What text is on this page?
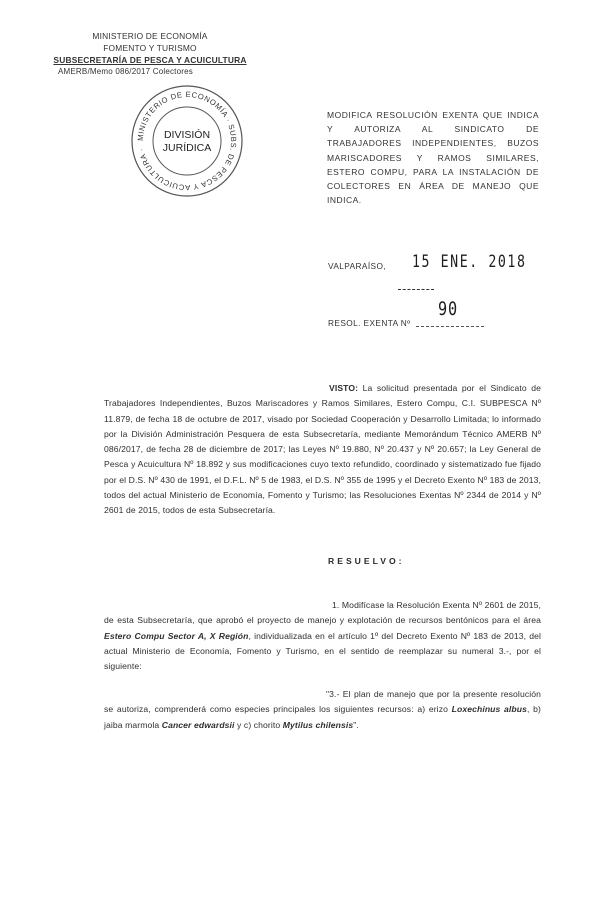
MINISTERIO DE ECONOMÍA
FOMENTO Y TURISMO
SUBSECRETARÍA DE PESCA Y ACUICULTURA
AMERB/Memo 086/2017 Colectores
MINISTERIO DE ECONOMÍA · SUBS. DE PESCA Y ACUICULTURA ·
DIVISIÓN
JURÍDICA
MODIFICA RESOLUCIÓN EXENTA QUE INDICA Y AUTORIZA AL SINDICATO DE TRABAJADORES INDEPENDIENTES, BUZOS MARISCADORES Y RAMOS SIMILARES, ESTERO COMPU, PARA LA INSTALACIÓN DE COLECTORES EN ÁREA DE MANEJO QUE INDICA.
VALPARAÍSO, 15 ENE. 2018
90
RESOL. EXENTA Nº
VISTO: La solicitud presentada por el Sindicato de Trabajadores Independientes, Buzos Mariscadores y Ramos Similares, Estero Compu, C.I. SUBPESCA Nº 11.879, de fecha 18 de octubre de 2017, visado por Sociedad Cooperación y Desarrollo Limitada; lo informado por la División Administración Pesquera de esta Subsecretaría, mediante Memorándum Técnico AMERB Nº 086/2017, de fecha 28 de diciembre de 2017; las Leyes Nº 19.880, Nº 20.437 y Nº 20.657; la Ley General de Pesca y Acuicultura Nº 18.892 y sus modificaciones cuyo texto refundido, coordinado y sistematizado fue fijado por el D.S. Nº 430 de 1991, el D.F.L. Nº 5 de 1983, el D.S. Nº 355 de 1995 y el Decreto Exento Nº 183 de 2013, todos del actual Ministerio de Economía, Fomento y Turismo; las Resoluciones Exentas Nº 2344 de 2014 y Nº 2601 de 2015, todos de esta Subsecretaría.
RESUELVO:
1. Modifícase la Resolución Exenta Nº 2601 de 2015, de esta Subsecretaría, que aprobó el proyecto de manejo y explotación de recursos bentónicos para el área Estero Compu Sector A, X Región, individualizada en el artículo 1º del Decreto Exento Nº 183 de 2013, del actual Ministerio de Economía, Fomento y Turismo, en el sentido de reemplazar su numeral 3.-, por el siguiente:
"3.- El plan de manejo que por la presente resolución se autoriza, comprenderá como especies principales los siguientes recursos: a) erizo Loxechinus albus, b) jaiba marmola Cancer edwardsii y c) chorito Mytilus chilensis".
